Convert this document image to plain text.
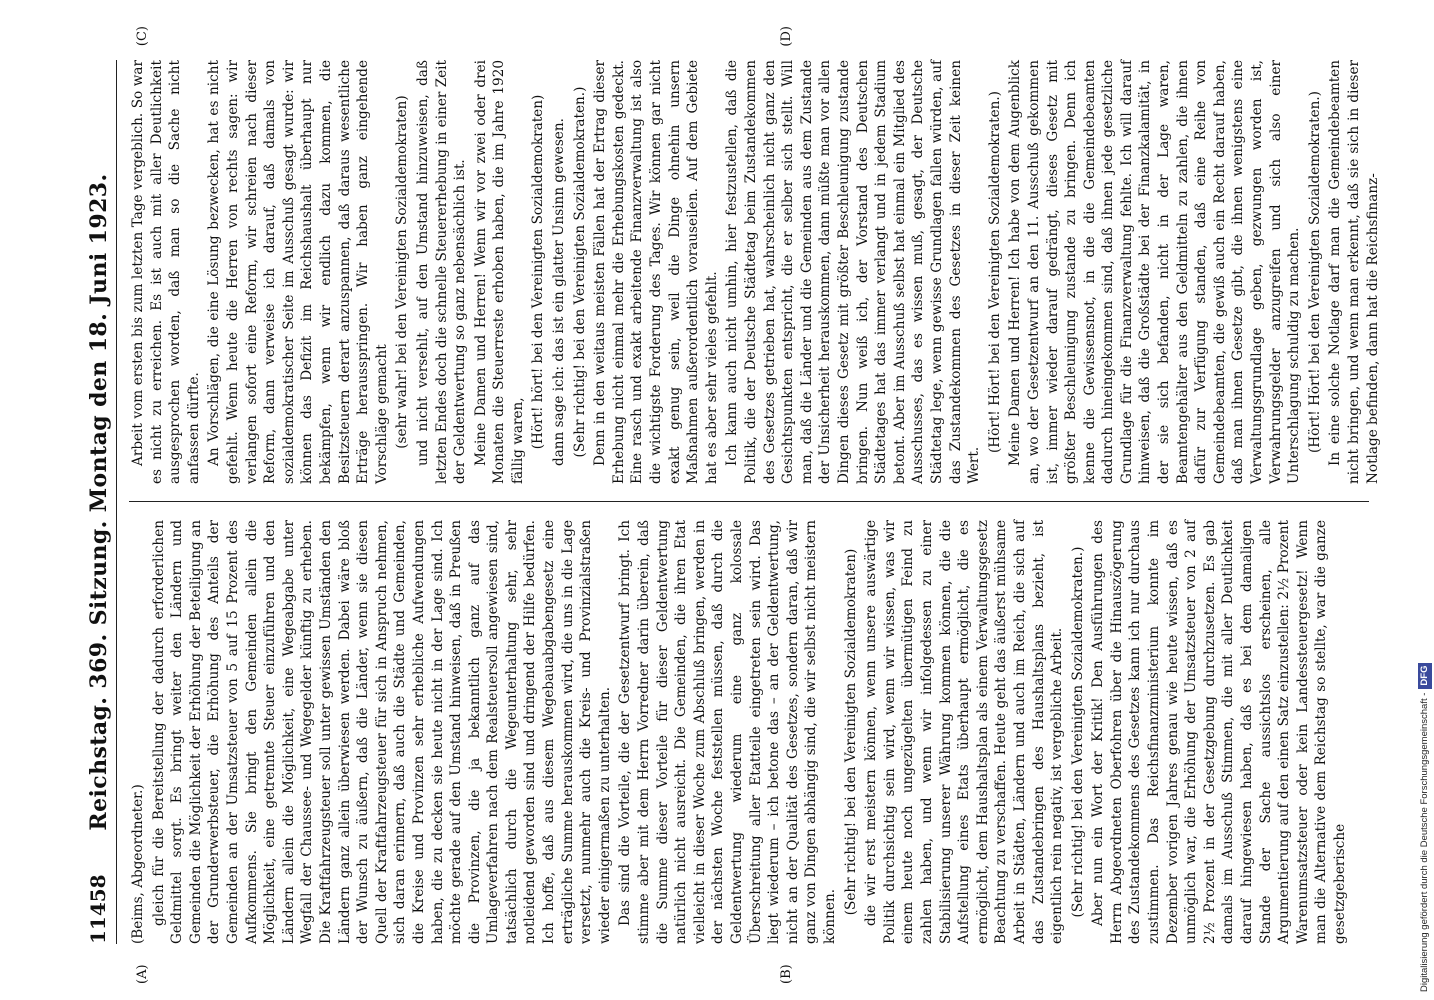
11458
Reichstag. 369. Sitzung. Montag den 18. Juni 1923.
(A)	(B)
(C)	(D)

(Beims, Abgeordneter.) gleich für die Bereitstellung der dadurch erforderlichen Geldmittel sorgt. Es bringt weiter den Ländern und Gemeinden die Möglichkeit der Erhöhung der Beteiligung an der Grunderwerbsteuer, die Erhöhung des Anteils der Gemeinden an der Umsatzsteuer von 5 auf 15 Prozent des Aufkommens. Sie bringt den Gemeinden allein die Möglichkeit, eine getrennte Steuer einzuführen und den Ländern allein die Möglichkeit, eine Wegeabgabe unter Wegfall der Chaussee- und Wegegelder künftig zu erheben. Die Kraftfahrzeugsteuer soll unter gewissen Umständen den Ländern ganz allein überwiesen werden. Dabei wäre bloß der Wunsch zu äußern, daß die Länder, wenn sie diesen Quell der Kraftfahrzeugsteuer für sich in Anspruch nehmen, sich daran erinnern, daß auch die Städte und Gemeinden, die Kreise und Provinzen sehr erhebliche Aufwendungen haben, die zu decken sie heute nicht in der Lage sind. Ich möchte gerade auf den Umstand hinweisen, daß in Preußen die Provinzen, die ja bekanntlich ganz auf das Umlageverfahren nach dem Realsteuersoll angewiesen sind, tatsächlich durch die Wegeunterhaltung sehr, sehr notleidend geworden sind und dringend der Hilfe bedürfen. Ich hoffe, daß aus diesem Wegebauabgabengesetz eine erträgliche Summe herauskommen wird, die uns in die Lage versetzt, nunmehr auch die Kreis- und Provinzialstraßen wieder einigermaßen zu unterhalten. Das sind die Vorteile, die der Gesetzentwurf bringt. Ich stimme aber mit dem Herrn Vorredner darin überein, daß die Summe dieser Vorteile für dieser Geldentwertung natürlich nicht ausreicht. Die Gemeinden, die ihren Etat vielleicht in dieser Woche zum Abschluß bringen, werden in der nächsten Woche feststellen müssen, daß durch die Geldentwertung wiederum eine ganz kolossale Überschreitung aller Etatteile eingetreten sein wird. Das liegt wiederum – ich betone das – an der Geldentwertung, nicht an der Qualität des Gesetzes, sondern daran, daß wir ganz von Dingen abhängig sind, die wir selbst nicht meistern können.

(Sehr richtig! bei den Vereinigten Sozialdemokraten) die wir erst meistern können, wenn unsere auswärtige Politik durchsichtig sein wird, wenn wir wissen, was wir einem heute noch ungezügelten übermütigen Feind zu zahlen haben, und wenn wir infolgedessen zu einer Stabilisierung unserer Währung kommen können, die die Aufstellung eines Etats überhaupt ermöglicht, die es ermöglicht, dem Haushaltsplan als einem Verwaltungsgesetz Beachtung zu verschaffen. Heute geht das äußerst mühsame Arbeit in Städten, Ländern und auch im Reich, die sich auf das Zustandebringen des Haushaltsplans bezieht, ist eigentlich rein negativ, ist vergebliche Arbeit. (Sehr richtig! bei den Vereinigten Sozialdemokraten.) Aber nun ein Wort der Kritik! Den Ausführungen des Herrn Abgeordneten Oberfohren über die Hinauszögerung des Zustandekommens des Gesetzes kann ich nur durchaus zustimmen. Das Reichsfinanzministerium konnte im Dezember vorigen Jahres genau wie heute wissen, daß es unmöglich war, die Erhöhung der Umsatzsteuer von 2 auf 2½ Prozent in der Gesetzgebung durchzusetzen. Es gab damals im Ausschuß Stimmen, die mit aller Deutlichkeit darauf hingewiesen haben, daß es bei dem damaligen Stande der Sache aussichtslos erscheinen, alle Argumentierung auf den einen Satz einzustellen: 2½ Prozent Warenumsatzsteuer oder kein Landessteuergesetz! Wenn man die Alternative dem Reichstag so stellte, war die ganze gesetzgeberische

Arbeit vom ersten bis zum letzten Tage vergeblich. So war es nicht zu erreichen. Es ist auch mit aller Deutlichkeit ausgesprochen worden, daß man so die Sache nicht anfassen dürfte. An Vorschlägen, die eine Lösung bezwecken, hat es nicht gefehlt. Wenn heute die Herren von rechts sagen: wir verlangen sofort eine Reform, wir schreien nach dieser Reform, dann verweise ich darauf, daß damals von sozialdemokratischer Seite im Ausschuß gesagt wurde: wir können das Defizit im Reichshaushalt überhaupt nur bekämpfen, wenn wir endlich dazu kommen, die Besitzsteuern derart anzuspannen, daß daraus wesentliche Erträge herausspringen. Wir haben ganz eingehende Vorschläge gemacht (sehr wahr! bei den Vereinigten Sozialdemokraten) und nicht versehlt, auf den Umstand hinzuweisen, daß letzten Endes doch die schnelle Steuererhebung in einer Zeit der Geldentwertung so ganz nebensächlich ist. Meine Damen und Herren! Wenn wir vor zwei oder drei Monaten die Steuerreste erhoben haben, die im Jahre 1920 fällig waren, (Hört! hört! bei den Vereinigten Sozialdemokraten) dann sage ich: das ist ein glatter Unsinn gewesen. (Sehr richtig! bei den Vereinigten Sozialdemokraten.) Denn in den weitaus meisten Fällen hat der Ertrag dieser Erhebung nicht einmal mehr die Erhebungskosten gedeckt. Eine rasch und exakt arbeitende Finanzverwaltung ist also die wichtigste Forderung des Tages. Wir können gar nicht exakt genug sein, weil die Dinge ohnehin unsern Maßnahmen außerordentlich vorauseilen. Auf dem Gebiete hat es aber sehr vieles gefehlt. Ich kann auch nicht umhin, hier festzustellen, daß die Politik, die der Deutsche Städtetag beim Zustandekommen des Gesetzes getrieben hat, wahrscheinlich nicht ganz den Gesichtspunkten entspricht, die er selber sich stellt. Will man, daß die Länder und die Gemeinden aus dem Zustande der Unsicherheit herauskommen, dann müßte man vor allen Dingen dieses Gesetz mit größter Beschleunigung zustande bringen. Nun weiß ich, der Vorstand des Deutschen Städtetages hat das immer verlangt und in jedem Stadium betont. Aber im Ausschuß selbst hat einmal ein Mitglied des Ausschusses, das es wissen muß, gesagt, der Deutsche Städtetag lege, wenn gewisse Grundlagen fallen würden, auf das Zustandekommen des Gesetzes in dieser Zeit keinen Wert.

(Hört! Hört! bei den Vereinigten Sozialdemokraten.) Meine Damen und Herren! Ich habe von dem Augenblick an, wo der Gesetzentwurf an den 11. Ausschuß gekommen ist, immer wieder darauf gedrängt, dieses Gesetz mit größter Beschleunigung zustande zu bringen. Denn ich kenne die Gewissensnot, in die die Gemeindebeamten dadurch hineingekommen sind, daß ihnen jede gesetzliche Grundlage für die Finanzverwaltung fehlte. Ich will darauf hinweisen, daß die Großstädte bei der Finanzkalamität, in der sie sich befanden, nicht in der Lage waren, Beamtengehälter aus den Geldmitteln zu zahlen, die ihnen dafür zur Verfügung standen, daß eine Reihe von Gemeindebeamten, die gewiß auch ein Recht darauf haben, daß man ihnen Gesetze gibt, die ihnen wenigstens eine Verwaltungsgrundlage geben, gezwungen worden ist, Verwahrungsgelder anzugreifen und sich also einer Unterschlagung schuldig zu machen. (Hört! Hört! bei den Vereinigten Sozialdemokraten.) In eine solche Notlage darf man die Gemeindebeamten nicht bringen, und wenn man erkennt, daß sie sich in dieser Notlage befinden, dann hat die Reichsfinanz-

Digitalisierung gefördert durch die Deutsche Forschungsgemeinschaft -DFG
